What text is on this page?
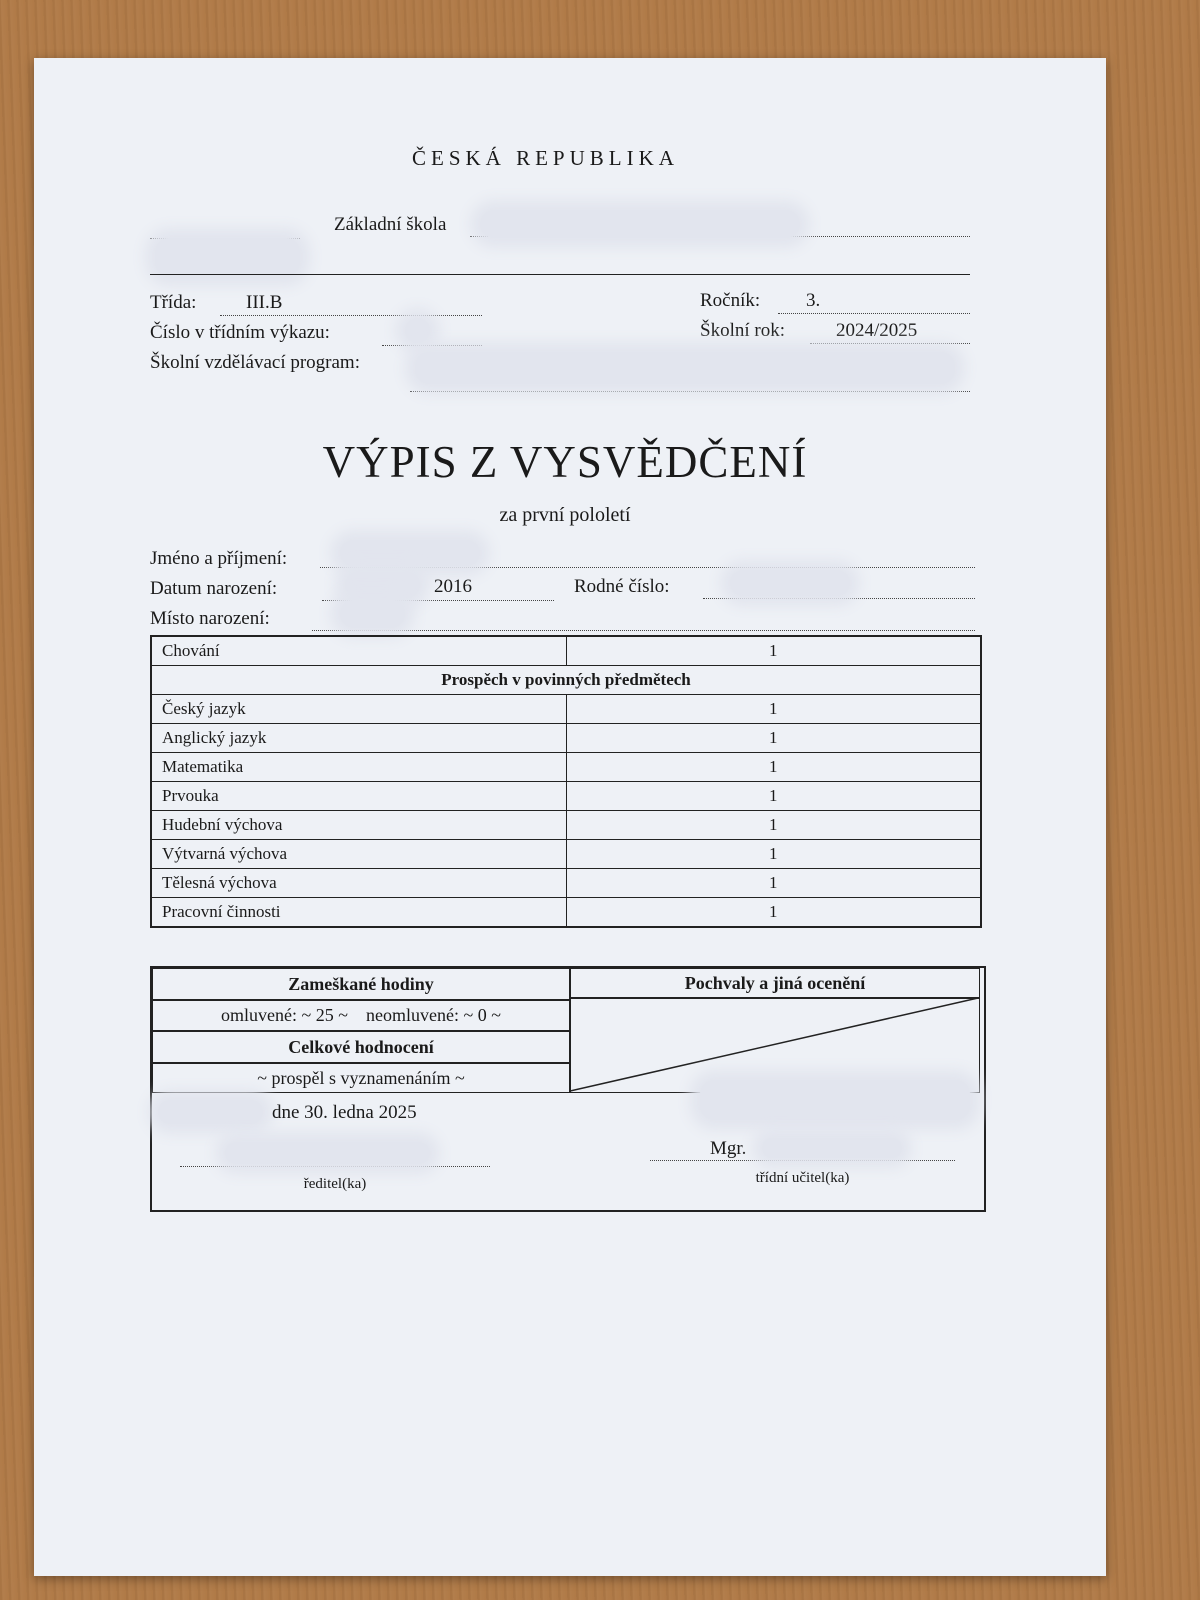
ČESKÁ REPUBLIKA
Základní škola
Třída:	III.B	Ročník: 3.
Číslo v třídním výkazu:	Školní rok:	2024/2025
Školní vzdělávací program:
VÝPIS Z VYSVĚDČENÍ
za první pololetí
Jméno a příjmení:
Datum narození:	2016	Rodné číslo:
Místo narození:
Chování	1
Prospěch v povinných předmětech	
Český jazyk	1
Anglický jazyk	1
Matematika	1
Prvouka	1
Hudební výchova	1
Výtvarná výchova	1
Tělesná výchova	1
Pracovní činnosti	1
Zameškané hodiny
omluvené: ~ 25 ~ neomluvené: ~ 0 ~
Celkové hodnocení
~ prospěl s vyznamenáním ~
Pochvaly a jiná ocenění
dne 30. ledna 2025
ředitel(ka)
Mgr.
třídní učitel(ka)
